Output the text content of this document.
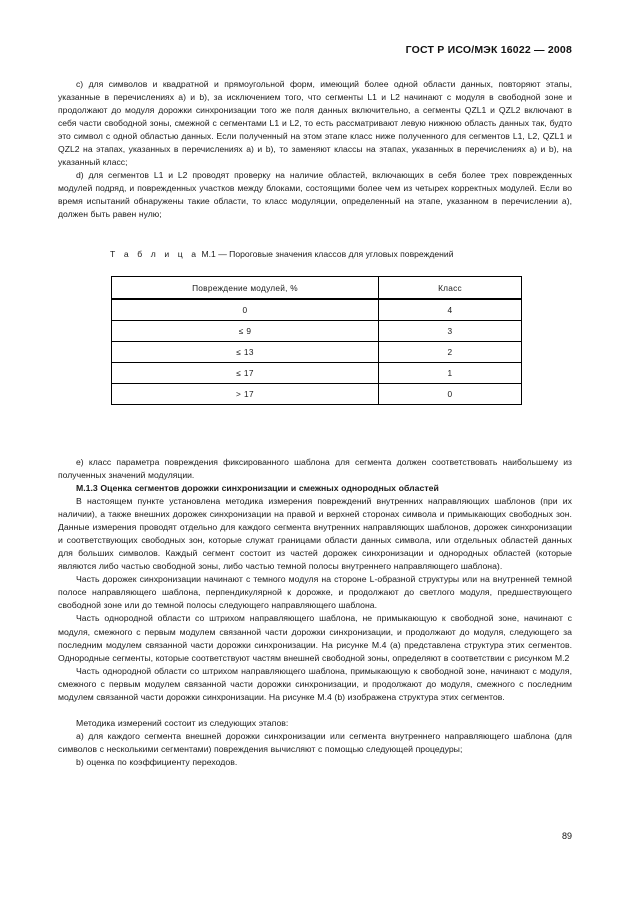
ГОСТ Р ИСО/МЭК 16022 — 2008

c) для символов и квадратной и прямоугольной форм, имеющий более одной области данных, повторяют этапы, указанные в перечислениях a) и b), за исключением того, что сегменты L1 и L2 начинают с модуля в свободной зоне и продолжают до модуля дорожки синхронизации того же поля данных включительно, а сегменты QZL1 и QZL2 включают в себя части свободной зоны, смежной с сегментами L1 и L2, то есть рассматривают левую нижнюю область данных так, будто это символ с одной областью данных. Если полученный на этом этапе класс ниже полученного для сегментов L1, L2, QZL1 и QZL2 на этапах, указанных в перечислениях a) и b), то заменяют классы на этапах, указанных в перечислениях a) и b), на указанный класс;

d) для сегментов L1 и L2 проводят проверку на наличие областей, включающих в себя более трех поврежденных модулей подряд, и поврежденных участков между блоками, состоящими более чем из четырех корректных модулей. Если во время испытаний обнаружены такие области, то класс модуляции, определенный на этапе, указанном в перечислении a), должен быть равен нулю;

Т а б л и ц а М.1 — Пороговые значения классов для угловых повреждений
Повреждение модулей, %	Класс
0	4
≤ 9	3
≤ 13	2
≤ 17	1
> 17	0

e) класс параметра повреждения фиксированного шаблона для сегмента должен соответствовать наибольшему из полученных значений модуляции.

М.1.3 Оценка сегментов дорожки синхронизации и смежных однородных областей

В настоящем пункте установлена методика измерения повреждений внутренних направляющих шаблонов (при их наличии), а также внешних дорожек синхронизации на правой и верхней сторонах символа и примыкающих свободных зон. Данные измерения проводят отдельно для каждого сегмента внутренних направляющих шаблонов, дорожек синхронизации и соответствующих свободных зон, которые служат границами области данных символа, или отдельных областей данных для больших символов. Каждый сегмент состоит из частей дорожек синхронизации и однородных областей (которые являются либо частью свободной зоны, либо частью темной полосы внутреннего направляющего шаблона).

Часть дорожек синхронизации начинают с темного модуля на стороне L-образной структуры или на внутренней темной полосе направляющего шаблона, перпендикулярной к дорожке, и продолжают до светлого модуля, предшествующего свободной зоне или до темной полосы следующего направляющего шаблона.

Часть однородной области со штрихом направляющего шаблона, не примыкающую к свободной зоне, начинают с модуля, смежного с первым модулем связанной части дорожки синхронизации, и продолжают до модуля, следующего за последним модулем связанной части дорожки синхронизации. На рисунке М.4 (a) представлена структура этих сегментов. Однородные сегменты, которые соответствуют частям внешней свободной зоны, определяют в соответствии с рисунком М.2

Часть однородной области со штрихом направляющего шаблона, примыкающую к свободной зоне, начинают с модуля, смежного с первым модулем связанной части дорожки синхронизации, и продолжают до модуля, смежного с последним модулем связанной части дорожки синхронизации. На рисунке М.4 (b) изображена структура этих сегментов.

Методика измерений состоит из следующих этапов:

a) для каждого сегмента внешней дорожки синхронизации или сегмента внутреннего направляющего шаблона (для символов с несколькими сегментами) повреждения вычисляют с помощью следующей процедуры;

b) оценка по коэффициенту переходов.

89
